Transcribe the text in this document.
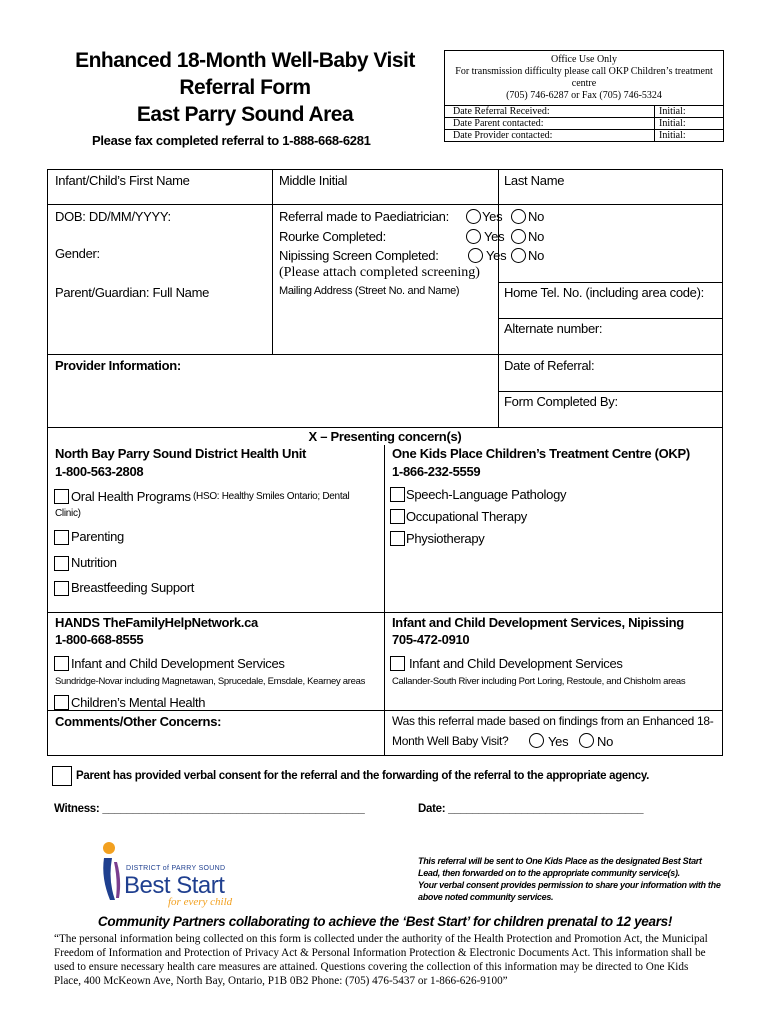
Enhanced 18-Month Well-Baby Visit
Referral Form
East Parry Sound Area
Please fax completed referral to 1-888-668-6281
Office Use Only
For transmission difficulty please call OKP Children’s treatment
centre
(705) 746-6287 or Fax (705) 746-5324
Date Referral Received:	Initial:
Date Parent contacted:	Initial:
Date Provider contacted:	Initial:
Infant/Child’s First Name	Middle Initial	Last Name
DOB: DD/MM/YYYY:
Gender:
Parent/Guardian: Full Name
Referral made to Paediatrician:	Yes No
Rourke Completed:	Yes No
Nipissing Screen Completed:	Yes No
(Please attach completed screening)
Mailing Address (Street No. and Name)	Home Tel. No. (including area code):
Alternate number:
Provider Information:	Date of Referral:
Form Completed By:
X – Presenting concern(s)
North Bay Parry Sound District Health Unit
1-800-563-2808
Oral Health Programs (HSO: Healthy Smiles Ontario; Dental
Clinic)
Parenting
Nutrition
Breastfeeding Support
One Kids Place Children’s Treatment Centre (OKP)
1-866-232-5559
Speech-Language Pathology
Occupational Therapy
Physiotherapy
HANDS TheFamilyHelpNetwork.ca
1-800-668-8555
Infant and Child Development Services
Sundridge-Novar including Magnetawan, Sprucedale, Emsdale, Kearney areas
Children’s Mental Health
Comments/Other Concerns:
Infant and Child Development Services, Nipissing
705-472-0910
Infant and Child Development Services
Callander-South River including Port Loring, Restoule, and Chisholm areas
Was this referral made based on findings from an Enhanced 18-
Month Well Baby Visit?	Yes No
Parent has provided verbal consent for the referral and the forwarding of the referral to the appropriate agency.
Witness: ___________________________________________	Date: ________________________________
DISTRICT of PARRY SOUND
Best Start
for every child
This referral will be sent to One Kids Place as the designated Best Start
Lead, then forwarded on to the appropriate community service(s).
Your verbal consent provides permission to share your information with the
above noted community services.
Community Partners collaborating to achieve the ‘Best Start’ for children prenatal to 12 years!
“The personal information being collected on this form is collected under the authority of the Health Protection and Promotion Act, the Municipal Freedom of Information and Protection of Privacy Act & Personal Information Protection & Electronic Documents Act. This information shall be used to ensure necessary health care measures are attained. Questions covering the collection of this information may be directed to One Kids Place, 400 McKeown Ave, North Bay, Ontario, P1B 0B2 Phone: (705) 476-5437 or 1-866-626-9100”
